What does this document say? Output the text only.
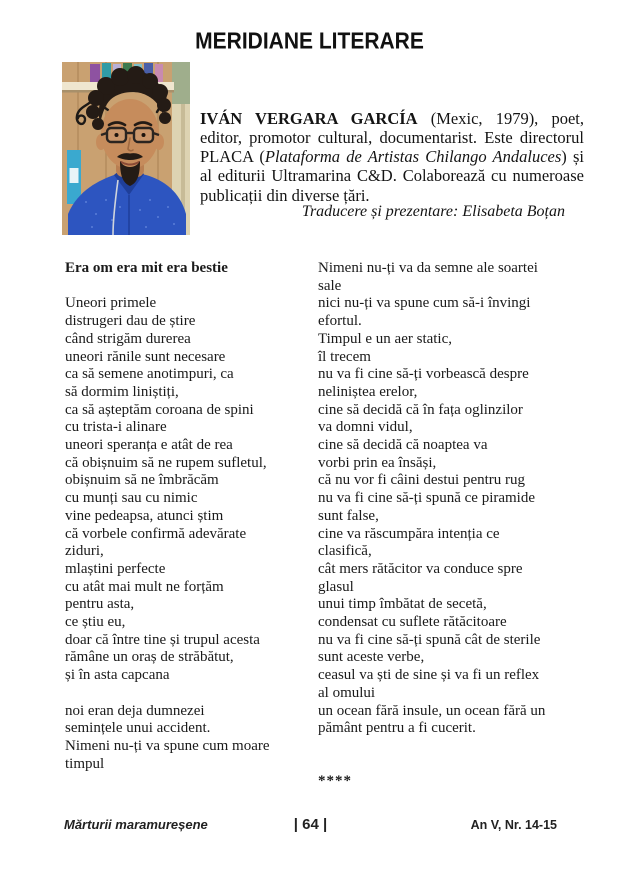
MERIDIANE LITERARE

IVÁN VERGARA GARCÍA (Mexic, 1979), poet, editor, promotor cultural, documentarist. Este directorul PLACA (Plataforma de Artistas Chilango Andaluces) și al editurii Ultramarina C&D. Colaborează cu numeroase publicații din diverse țări.

Traducere și prezentare: Elisabeta Boțan
Era om era mit era bestie
Uneori primele
distrugeri dau de știre
când strigăm durerea
uneori rănile sunt necesare
ca să semene anotimpuri, ca
să dormim liniștiți,
ca să așteptăm coroana de spini
cu trista-i alinare
uneori speranța e atât de rea
că obișnuim să ne rupem sufletul,
obișnuim să ne îmbrăcăm
cu munți sau cu nimic
vine pedeapsa, atunci știm
că vorbele confirmă adevărate
ziduri,
mlaștini perfecte
cu atât mai mult ne forțăm
pentru asta,
ce știu eu,
doar că între tine și trupul acesta
rămâne un oraș de străbătut,
și în asta capcana

noi eran deja dumnezei
semințele unui accident.
Nimeni nu-ți va spune cum moare
timpul
Nimeni nu-ți va da semne ale soartei
sale
nici nu-ți va spune cum să-i învingi
efortul.
Timpul e un aer static,
îl trecem
nu va fi cine să-ți vorbească despre
neliniștea erelor,
cine să decidă că în fața oglinzilor
va domni vidul,
cine să decidă că noaptea va
vorbi prin ea însăși,
că nu vor fi câini destui pentru rug
nu va fi cine să-ți spună ce piramide
sunt false,
cine va răscumpăra intenția ce
clasifică,
cât mers rătăcitor va conduce spre
glasul
unui timp îmbătat de secetă,
condensat cu suflete rătăcitoare
nu va fi cine să-ți spună cât de sterile
sunt aceste verbe,
ceasul va ști de sine și va fi un reflex
al omului
un ocean fără insule, un ocean fără un
pământ pentru a fi cucerit.

****
Mărturii maramureșene	| 64 |	An V, Nr. 14-15
